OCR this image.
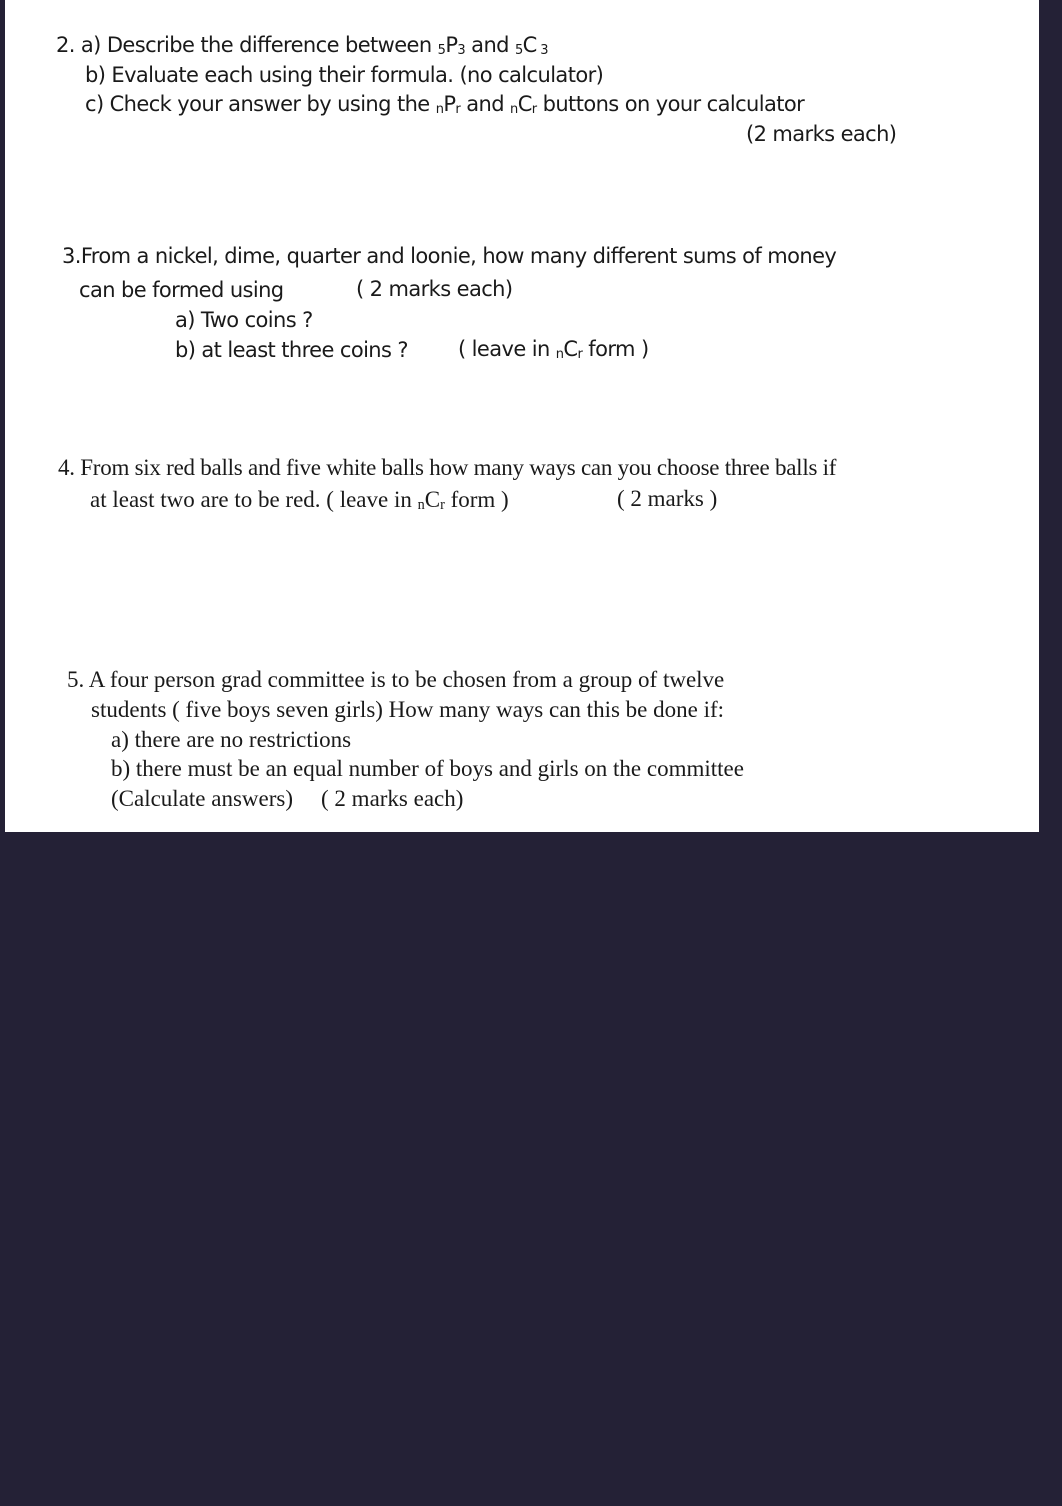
2. a) Describe the difference between $_5P_3$ and $_5$C $_3$
b) Evaluate each using their formula. (no calculator)
c) Check your answer by using the $_nP_r$ and $_nC_r$ buttons on your calculator
(2 marks each)
3.From a nickel, dime, quarter and loonie, how many different sums of money
can be formed using	( 2 marks each)
a) Two coins ?
b) at least three coins ? ( leave in $_nC_r$ form )
4. From six red balls and five white balls how many ways can you choose three balls if
at least two are to be red. ( leave in $_nC_r$ form )	( 2 marks )
5. A four person grad committee is to be chosen from a group of twelve
students ( five boys seven girls) How many ways can this be done if:
a) there are no restrictions
b) there must be an equal number of boys and girls on the committee
(Calculate answers) ( 2 marks each)
